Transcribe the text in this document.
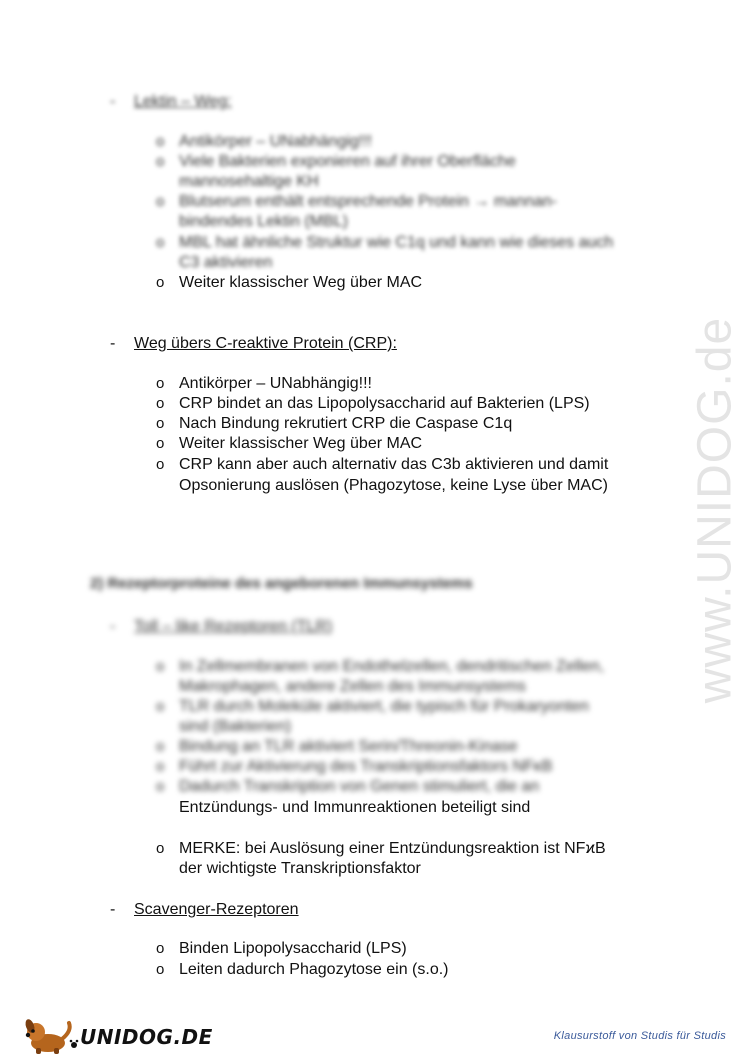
- Lektin – Weg:
o Antikörper – UNabhängig!!!
o Viele Bakterien exponieren auf ihrer Oberfläche
mannosehaltige KH
o Blutserum enthält entsprechende Protein → mannan-
bindendes Lektin (MBL)
o MBL hat ähnliche Struktur wie C1q und kann wie dieses auch
C3 aktivieren
o Weiter klassischer Weg über MAC
- Weg übers C-reaktive Protein (CRP):
o Antikörper – UNabhängig!!!
o CRP bindet an das Lipopolysaccharid auf Bakterien (LPS)
o Nach Bindung rekrutiert CRP die Caspase C1q
o Weiter klassischer Weg über MAC
o CRP kann aber auch alternativ das C3b aktivieren und damit
Opsonierung auslösen (Phagozytose, keine Lyse über MAC)
2) Rezeptorproteine des angeborenen Immunsystems
- Toll – like Rezeptoren (TLR)
o In Zellmembranen von Endothelzellen, dendritischen Zellen,
Makrophagen, andere Zellen des Immunsystems
o TLR durch Moleküle aktiviert, die typisch für Prokaryonten
sind (Bakterien)
o Bindung an TLR aktiviert Serin/Threonin-Kinase
o Führt zur Aktivierung des Transkriptionsfaktors NFκB
o Dadurch Transkription von Genen stimuliert, die an
Entzündungs- und Immunreaktionen beteiligt sind
o MERKE: bei Auslösung einer Entzündungsreaktion ist NFϰB
der wichtigste Transkriptionsfaktor
- Scavenger-Rezeptoren
o Binden Lipopolysaccharid (LPS)
o Leiten dadurch Phagozytose ein (s.o.)
www.UNIDOG.de
UNIDOG.DE	Klausurstoff von Studis für Studis
